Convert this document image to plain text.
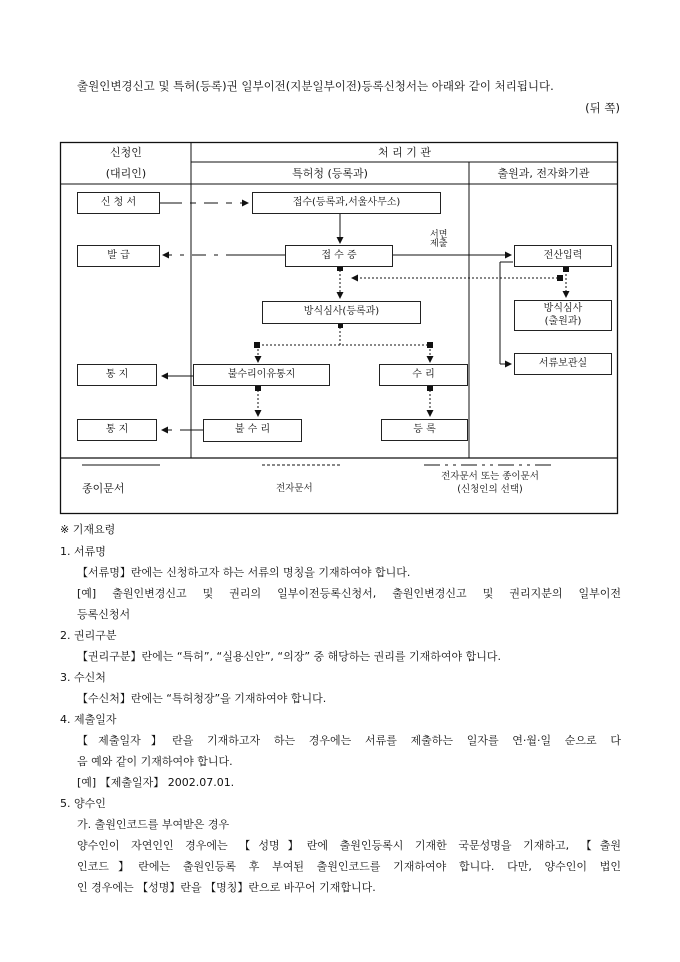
출원인변경신고 및 특허(등록)권 일부이전(지분일부이전)등록신청서는 아래와 같이 처리됩니다.
(뒤 쪽)
신청인
(대리인)
처 리 기 관
특허청 (등록과)	출원과, 전자화기관
신 청 서	접수(등록과,서울사무소)
발 급	접 수 증	전산입력
방식심사(등록과)	방식심사
(출원과)
서류보관실
통 지	불수리이유통지	수 리
통 지	불 수 리	등 록
서면
제출
종이문서	전자문서
전자문서 또는 종이문서
(신청인의 선택)
※ 기재요령
1. 서류명
【서류명】란에는 신청하고자 하는 서류의 명칭을 기재하여야 합니다.
[예] 출원인변경신고 및 권리의 일부이전등록신청서, 출원인변경신고 및 권리지분의 일부이전
등록신청서
2. 권리구분
【권리구분】란에는 “특허”, “실용신안”, “의장” 중 해당하는 권리를 기재하여야 합니다.
3. 수신처
【수신처】란에는 “특허청장”을 기재하여야 합니다.
4. 제출일자
【제출일자】란을 기재하고자 하는 경우에는 서류를 제출하는 일자를 연·월·일 순으로 다
음 예와 같이 기재하여야 합니다.
[예] 【제출일자】 2002.07.01.
5. 양수인
가. 출원인코드를 부여받은 경우
양수인이 자연인인 경우에는 【성명】란에 출원인등록시 기재한 국문성명을 기재하고, 【출원
인코드】란에는 출원인등록 후 부여된 출원인코드를 기재하여야 합니다. 다만, 양수인이 법인
인 경우에는 【성명】란을 【명칭】란으로 바꾸어 기재합니다.
